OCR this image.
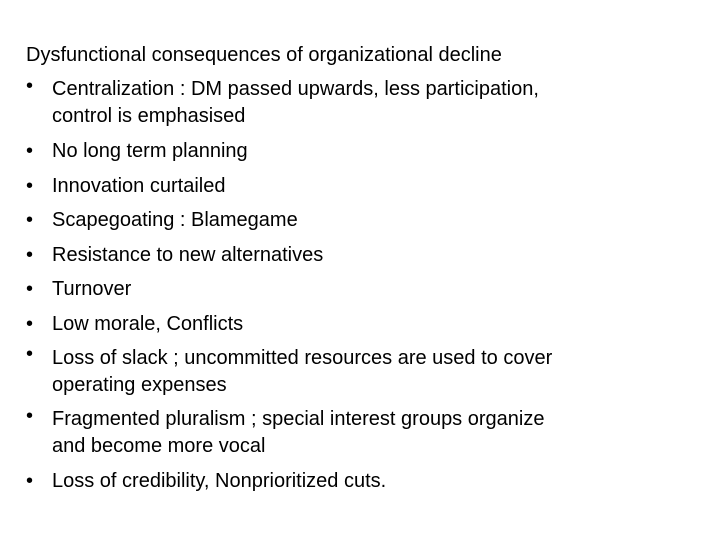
Dysfunctional consequences of organizational decline
• Centralization : DM passed upwards, less participation,
control is emphasised
• No long term planning
• Innovation curtailed
• Scapegoating : Blamegame
• Resistance to new alternatives
• Turnover
• Low morale, Conflicts
• Loss of slack ; uncommitted resources are used to cover
operating expenses
• Fragmented pluralism ; special interest groups organize
and become more vocal
• Loss of credibility, Nonprioritized cuts.
